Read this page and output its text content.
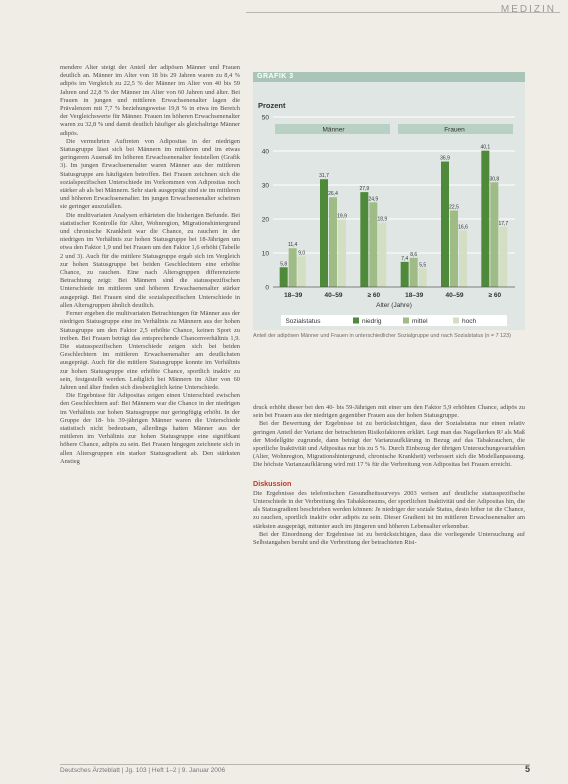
MEDIZIN

mendere Alter steigt der Anteil der adipösen Männer und Frauen deutlich an. Männer im Alter von 18 bis 29 Jahren waren zu 8,4 % adipös im Vergleich zu 22,5 % der Männer im Alter von 40 bis 59 Jahren und 22,8 % der Männer im Alter von 60 Jahren und älter. Bei Frauen in jungen und mittleren Erwachsenenalter lagen die Prävalenzen mit 7,7 % beziehungsweise 19,8 % in etwa im Bereich der Vergleichswerte für Männer. Frauen im höheren Erwachsenenalter waren zu 32,8 % und damit deutlich häufiger als gleichaltrige Männer adipös.

Die vermehrten Auftreten von Adipositas in der niedrigen Statusgruppe lässt sich bei Männern im mittleren und im etwas geringerem Ausmaß im höheren Erwachsenenalter feststellen (Grafik 3). Im jungen Erwachsenenalter waren Männer aus der mittleren Statusgruppe am häufigsten betroffen. Bei Frauen zeichnen sich die sozialspezifischen Unterschiede im Vorkommen von Adipositas noch stärker ab als bei Männern. Sehr stark ausgeprägt sind sie im mittleren und höheren Erwachsenenalter. Im jungen Erwachsenenalter scheinen sie geringer auszufallen.

Die multivariaten Analysen erhärteten die bisherigen Befunde. Bei statistischer Kontrolle für Alter, Wohnregion, Migrationshintergrund und chronische Krankheit war die Chance, zu rauchen in der niedrigen im Verhältnis zur hohen Statusgruppe bei 18-Jährigen um etwa den Faktor 1,9 und bei Frauen um den Faktor 1,6 erhöht (Tabelle 2 und 3). Auch für die mittlere Statusgruppe ergab sich im Vergleich zur hohen Statusgruppe bei beiden Geschlechtern eine erhöhte Chance, zu rauchen. Eine nach Altersgruppen differenzierte Betrachtung zeigt: Bei Männern sind die statusspezifischen Unterschiede im mittleren und höheren Erwachsenenalter stärker ausgeprägt. Bei Frauen sind die sozialspezifischen Unterschiede in allen Altersgruppen ähnlich deutlich.

Ferner ergeben die multivariaten Betrachtungen für Männer aus der niedrigen Statusgruppe eine im Verhältnis zu Männern aus der hohen Statusgruppe um den Faktor 2,5 erhöhte Chance, keinen Sport zu treiben. Bei Frauen beträgt das entsprechende Chancenverhältnis 1,9. Die statusspezifischen Unterschiede zeigen sich bei beiden Geschlechtern im mittleren Erwachsenenalter am deutlichsten ausgeprägt. Auch für die mittlere Statusgruppe konnte im Verhältnis zur hohen Statusgruppe eine erhöhte Chance, sportlich inaktiv zu sein, festgestellt werden. Lediglich bei Männern im Alter von 60 Jahren und älter finden sich diesbezüglich keine Unterschiede.

Die Ergebnisse für Adipositas zeigen einen Unterschied zwischen den Geschlechtern auf: Bei Männern war die Chance in der niedrigen im Verhältnis zur hohen Statusgruppe nur geringfügig erhöht. In der Gruppe der 18- bis 39-jährigen Männer waren die Unterschiede statistisch nicht bedeutsam, allerdings hatten Männer aus der mittleren im Verhältnis zur hohen Statusgruppe eine signifikant höhere Chance, adipös zu sein. Bei Frauen hingegen zeichnete sich in allen Altersgruppen ein starker Statusgradient ab. Den stärksten Anstieg

GRAFIK 3
Prozent
0
10
20
30
40
50
Männer	Frauen
5,8
11,4
9,0
18–39
31,7
26,4
19,9
40–59
27,9
24,9
18,9
≥ 60
7,4
8,6
5,5
18–39
36,9
22,5
16,6
40–59
40,1
30,8
17,7
≥ 60
Alter (Jahre)
Sozialstatus	niedrig	mittel	hoch
Anteil der adipösen Männer und Frauen in unterschiedlicher Sozialgruppe und nach Sozialstatus (n = 7 123)

druck erhöht dieser bei den 40- bis 59-Jährigen mit einer um den Faktor 5,9 erhöhten Chance, adipös zu sein bei Frauen aus der niedrigen gegenüber Frauen aus der hohen Statusgruppe.

Bei der Bewertung der Ergebnisse ist zu berücksichtigen, dass der Sozialstatus nur einen relativ geringen Anteil der Varianz der betrachteten Risikofaktoren erklärt. Legt man das Nagelkerkes R² als Maß der Modellgüte zugrunde, dann beträgt der Varianzaufklärung in Bezug auf das Tabakrauchen, die sportliche Inaktivität und Adipositas nur bis zu 5 %. Durch Einbezug der übrigen Untersuchungsvariablen (Alter, Wohnregion, Migrationshintergrund, chronische Krankheit) verbessert sich die Modellanpassung. Die höchste Varianzaufklärung wird mit 17 % für die Verbreitung von Adipositas bei Frauen erreicht.

Diskussion

Die Ergebnisse des telefonischen Gesundheitssurveys 2003 weisen auf deutliche statusspezifische Unterschiede in der Verbreitung des Tabakkonsums, der sportlichen Inaktivität und der Adipositas hin, die als Statusgradient beschrieben werden können: Je niedriger der soziale Status, desto höher ist die Chance, zu rauchen, sportlich inaktiv oder adipös zu sein. Dieser Gradient ist im mittleren Erwachsenenalter am stärksten ausgeprägt, mitunter auch im jüngeren und höheren Lebensalter erkennbar.

Bei der Einordnung der Ergebnisse ist zu berücksichtigen, dass die vorliegende Untersuchung auf Selbstangaben beruht und die Verbreitung der betrachteten Risi-

Deutsches Ärzteblatt | Jg. 103 | Heft 1–2 | 9. Januar 2006	5
